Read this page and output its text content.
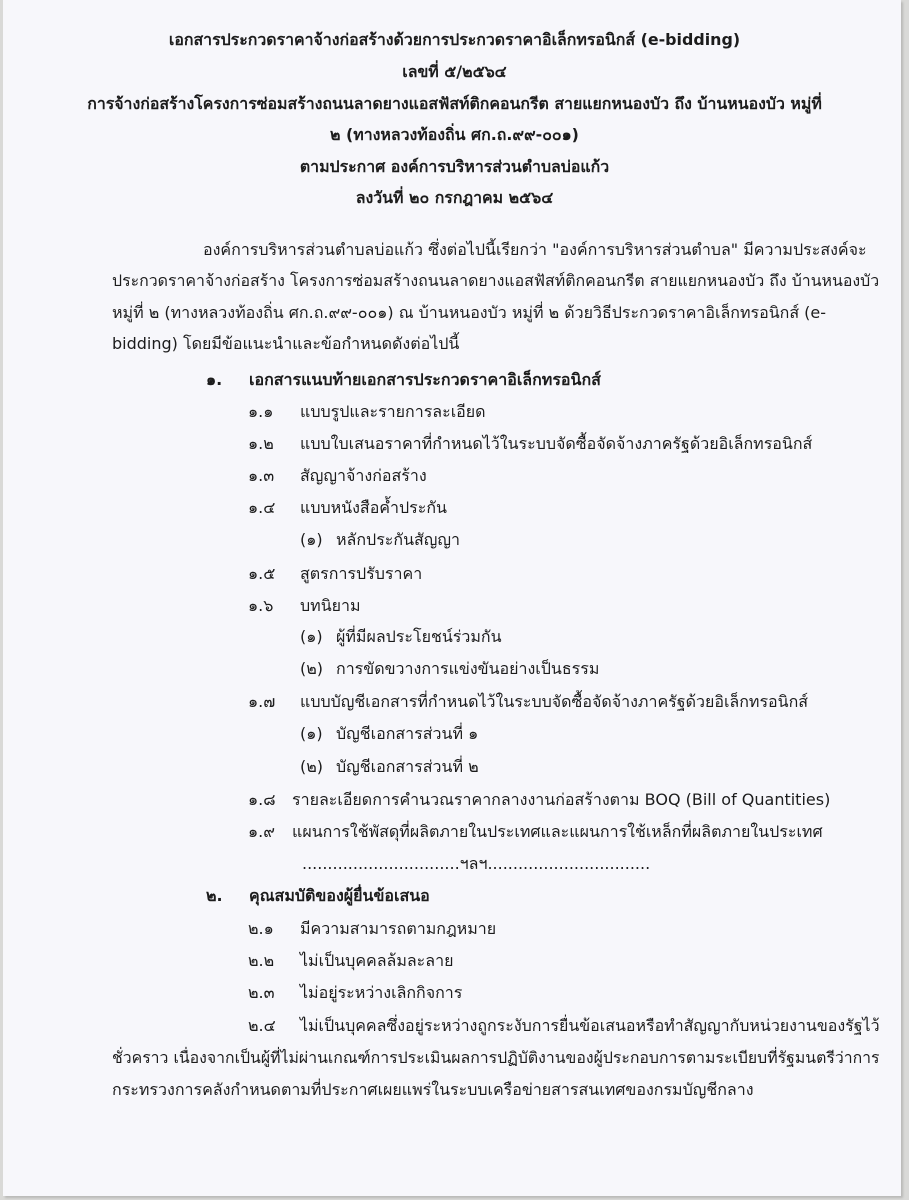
เอกสารประกวดราคาจ้างก่อสร้างด้วยการประกวดราคาอิเล็กทรอนิกส์ (e-bidding)
เลขที่ ๕/๒๕๖๔
การจ้างก่อสร้างโครงการซ่อมสร้างถนนลาดยางแอสฟัสท์ติกคอนกรีต สายแยกหนองบัว ถึง บ้านหนองบัว หมู่ที่
๒ (ทางหลวงท้องถิ่น ศก.ถ.๙๙-๐๐๑)
ตามประกาศ องค์การบริหารส่วนตำบลบ่อแก้ว
ลงวันที่ ๒๐ กรกฎาคม ๒๕๖๔
องค์การบริหารส่วนตำบลบ่อแก้ว ซึ่งต่อไปนี้เรียกว่า "องค์การบริหารส่วนตำบล" มีความประสงค์จะ
ประกวดราคาจ้างก่อสร้าง โครงการซ่อมสร้างถนนลาดยางแอสฟัสท์ติกคอนกรีต สายแยกหนองบัว ถึง บ้านหนองบัว
หมู่ที่ ๒ (ทางหลวงท้องถิ่น ศก.ถ.๙๙-๐๐๑) ณ บ้านหนองบัว หมู่ที่ ๒ ด้วยวิธีประกวดราคาอิเล็กทรอนิกส์ (e-
bidding) โดยมีข้อแนะนำและข้อกำหนดดังต่อไปนี้
๑. เอกสารแนบท้ายเอกสารประกวดราคาอิเล็กทรอนิกส์
๑.๑ แบบรูปและรายการละเอียด
๑.๒ แบบใบเสนอราคาที่กำหนดไว้ในระบบจัดซื้อจัดจ้างภาครัฐด้วยอิเล็กทรอนิกส์
๑.๓ สัญญาจ้างก่อสร้าง
๑.๔ แบบหนังสือค้ำประกัน
(๑) หลักประกันสัญญา
๑.๕ สูตรการปรับราคา
๑.๖ บทนิยาม
(๑) ผู้ที่มีผลประโยชน์ร่วมกัน
(๒) การขัดขวางการแข่งขันอย่างเป็นธรรม
๑.๗ แบบบัญชีเอกสารที่กำหนดไว้ในระบบจัดซื้อจัดจ้างภาครัฐด้วยอิเล็กทรอนิกส์
(๑) บัญชีเอกสารส่วนที่ ๑
(๒) บัญชีเอกสารส่วนที่ ๒
๑.๘ รายละเอียดการคำนวณราคากลางงานก่อสร้างตาม BOQ (Bill of Quantities)
๑.๙ แผนการใช้พัสดุที่ผลิตภายในประเทศและแผนการใช้เหล็กที่ผลิตภายในประเทศ
...............................ฯลฯ................................
๒. คุณสมบัติของผู้ยื่นข้อเสนอ
๒.๑ มีความสามารถตามกฎหมาย
๒.๒ ไม่เป็นบุคคลล้มละลาย
๒.๓ ไม่อยู่ระหว่างเลิกกิจการ
๒.๔ ไม่เป็นบุคคลซึ่งอยู่ระหว่างถูกระงับการยื่นข้อเสนอหรือทำสัญญากับหน่วยงานของรัฐไว้
ชั่วคราว เนื่องจากเป็นผู้ที่ไม่ผ่านเกณฑ์การประเมินผลการปฏิบัติงานของผู้ประกอบการตามระเบียบที่รัฐมนตรีว่าการ
กระทรวงการคลังกำหนดตามที่ประกาศเผยแพร่ในระบบเครือข่ายสารสนเทศของกรมบัญชีกลาง
